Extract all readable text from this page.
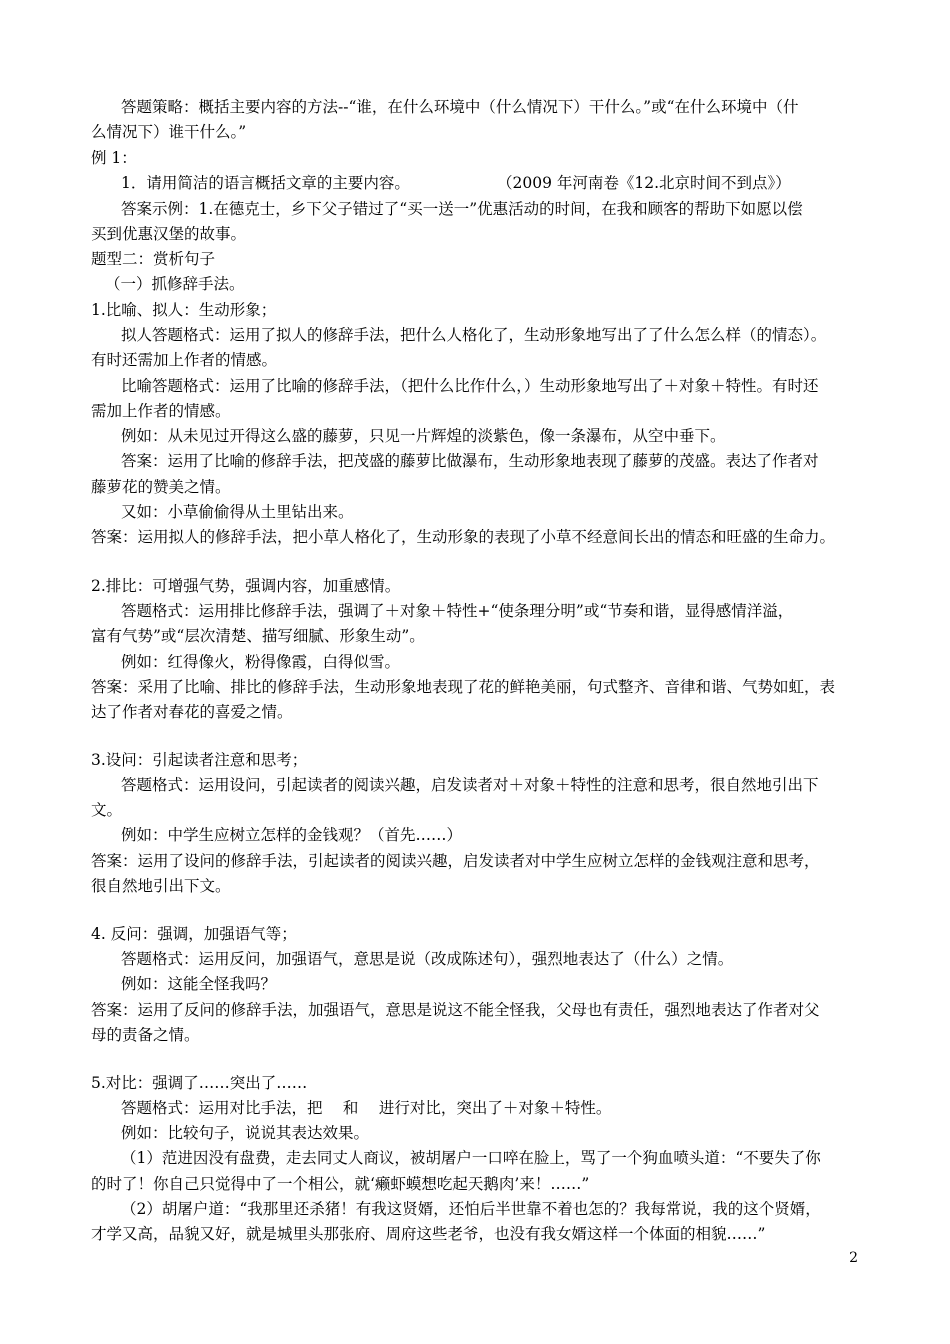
答题策略：概括主要内容的方法--“谁，在什么环境中（什么情况下）干什么。”或“在什么环境中（什
么情况下）谁干什么。”
例 1：
1．请用简洁的语言概括文章的主要内容。	（2009 年河南卷《12.北京时间不到点》）
答案示例：1.在德克士，乡下父子错过了“买一送一”优惠活动的时间，在我和顾客的帮助下如愿以偿
买到优惠汉堡的故事。
题型二：赏析句子
（一）抓修辞手法。
1.比喻、拟人：生动形象；
拟人答题格式：运用了拟人的修辞手法，把什么人格化了，生动形象地写出了了什么怎么样（的情态）。
有时还需加上作者的情感。
比喻答题格式：运用了比喻的修辞手法，（把什么比作什么，）生动形象地写出了＋对象＋特性。有时还
需加上作者的情感。
例如：从未见过开得这么盛的藤萝，只见一片辉煌的淡紫色，像一条瀑布，从空中垂下。
答案：运用了比喻的修辞手法，把茂盛的藤萝比做瀑布，生动形象地表现了藤萝的茂盛。表达了作者对
藤萝花的赞美之情。
又如：小草偷偷得从土里钻出来。
答案：运用拟人的修辞手法，把小草人格化了，生动形象的表现了小草不经意间长出的情态和旺盛的生命力。
2.排比：可增强气势，强调内容，加重感情。
答题格式：运用排比修辞手法，强调了＋对象＋特性+“使条理分明”或“节奏和谐，显得感情洋溢，
富有气势”或“层次清楚、描写细腻、形象生动”。
例如：红得像火，粉得像霞，白得似雪。
答案：采用了比喻、排比的修辞手法，生动形象地表现了花的鲜艳美丽，句式整齐、音律和谐、气势如虹，表
达了作者对春花的喜爱之情。
3.设问：引起读者注意和思考；
答题格式：运用设问，引起读者的阅读兴趣，启发读者对＋对象＋特性的注意和思考，很自然地引出下
文。
例如：中学生应树立怎样的金钱观？（首先……）
答案：运用了设问的修辞手法，引起读者的阅读兴趣，启发读者对中学生应树立怎样的金钱观注意和思考，
很自然地引出下文。
4. 反问：强调，加强语气等；
答题格式：运用反问，加强语气，意思是说（改成陈述句），强烈地表达了（什么）之情。
例如：这能全怪我吗？
答案：运用了反问的修辞手法，加强语气，意思是说这不能全怪我，父母也有责任，强烈地表达了作者对父
母的责备之情。
5.对比：强调了……突出了……
答题格式：运用对比手法，把　 和　 进行对比，突出了＋对象＋特性。
例如：比较句子，说说其表达效果。
（1）范进因没有盘费，走去同丈人商议，被胡屠户一口啐在脸上，骂了一个狗血喷头道：“不要失了你
的时了！你自己只觉得中了一个相公，就‘癞虾蟆想吃起天鹅肉’来！……”
（2）胡屠户道：“我那里还杀猪！有我这贤婿，还怕后半世靠不着也怎的？我每常说，我的这个贤婿，
才学又高，品貌又好，就是城里头那张府、周府这些老爷，也没有我女婿这样一个体面的相貌……”
2
